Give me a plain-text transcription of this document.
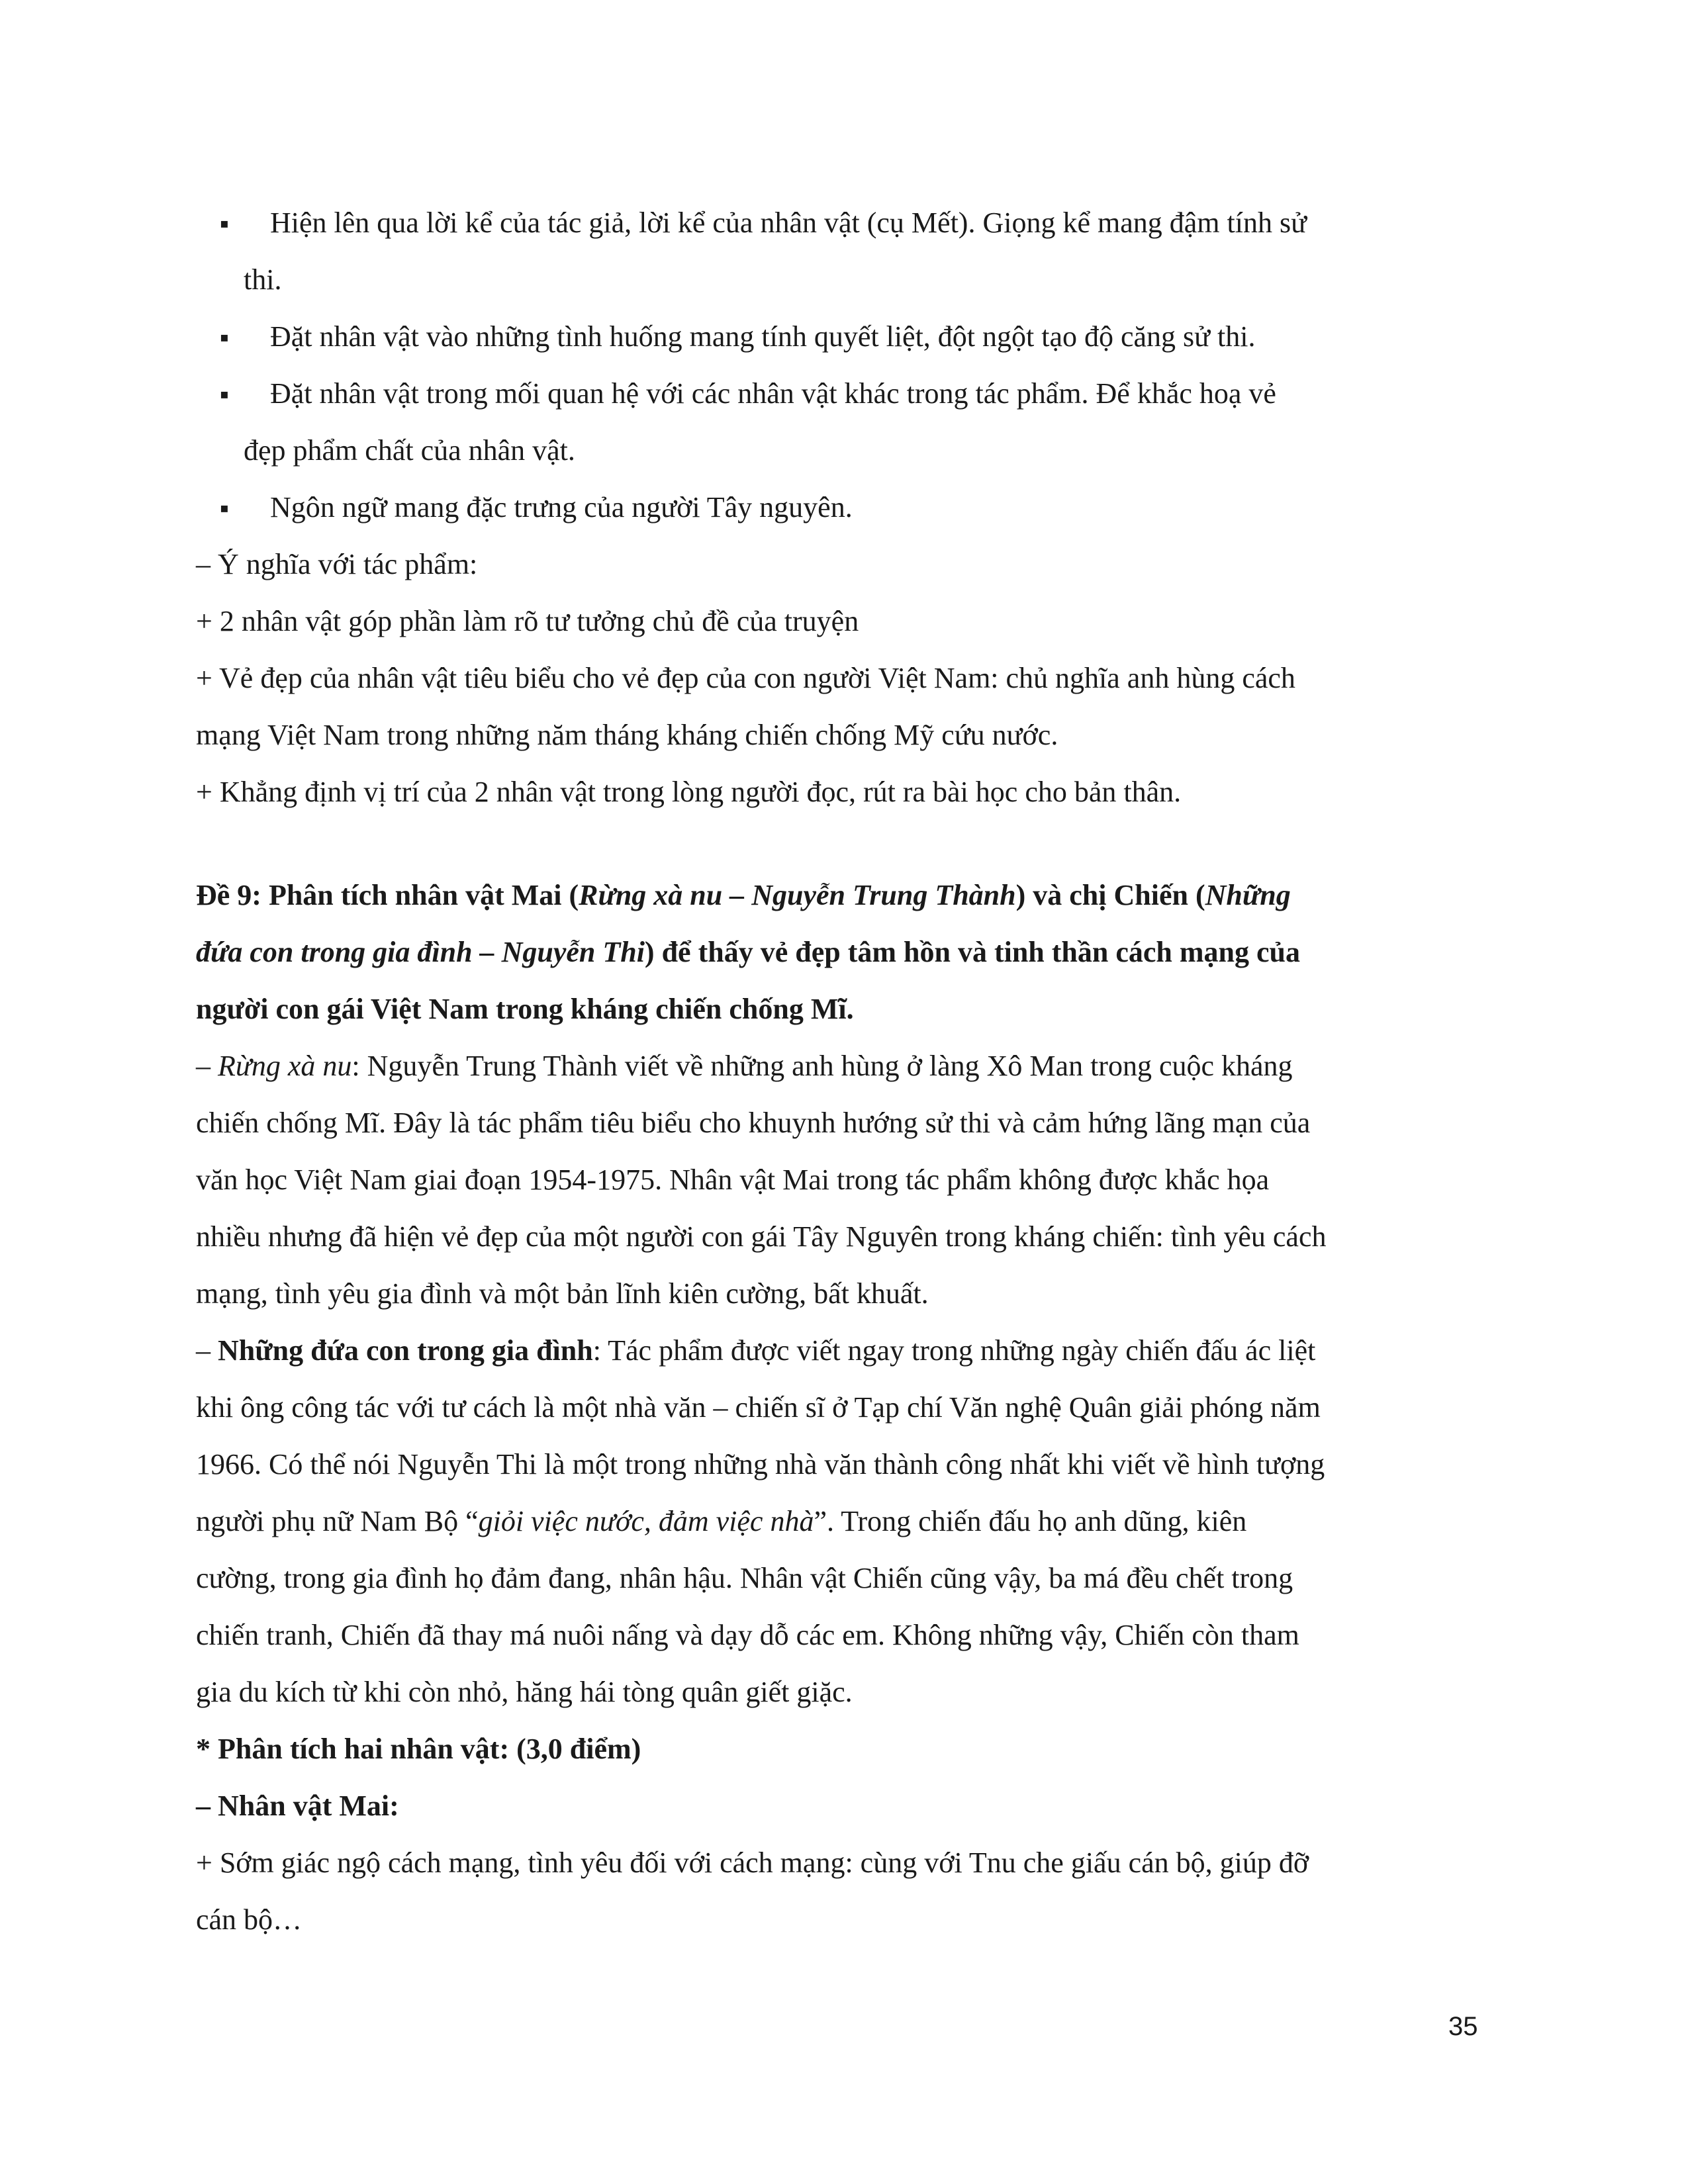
▪	Hiện lên qua lời kể của tác giả, lời kể của nhân vật (cụ Mết). Giọng kể mang đậm tính sử
thi.
▪	Đặt nhân vật vào những tình huống mang tính quyết liệt, đột ngột tạo độ căng sử thi.
▪	Đặt nhân vật trong mối quan hệ với các nhân vật khác trong tác phẩm. Để khắc hoạ vẻ
đẹp phẩm chất của nhân vật.
▪	Ngôn ngữ mang đặc trưng của người Tây nguyên.
– Ý nghĩa với tác phẩm:
+ 2 nhân vật góp phần làm rõ tư tưởng chủ đề của truyện
+ Vẻ đẹp của nhân vật tiêu biểu cho vẻ đẹp của con người Việt Nam: chủ nghĩa anh hùng cách
mạng Việt Nam trong những năm tháng kháng chiến chống Mỹ cứu nước.
+ Khẳng định vị trí của 2 nhân vật trong lòng người đọc, rút ra bài học cho bản thân.
Đề 9: Phân tích nhân vật Mai (Rừng xà nu – Nguyễn Trung Thành) và chị Chiến (Những
đứa con trong gia đình – Nguyễn Thi) để thấy vẻ đẹp tâm hồn và tinh thần cách mạng của
người con gái Việt Nam trong kháng chiến chống Mĩ.
– Rừng xà nu: Nguyễn Trung Thành viết về những anh hùng ở làng Xô Man trong cuộc kháng
chiến chống Mĩ. Đây là tác phẩm tiêu biểu cho khuynh hướng sử thi và cảm hứng lãng mạn của
văn học Việt Nam giai đoạn 1954-1975. Nhân vật Mai trong tác phẩm không được khắc họa
nhiều nhưng đã hiện vẻ đẹp của một người con gái Tây Nguyên trong kháng chiến: tình yêu cách
mạng, tình yêu gia đình và một bản lĩnh kiên cường, bất khuất.
– Những đứa con trong gia đình: Tác phẩm được viết ngay trong những ngày chiến đấu ác liệt
khi ông công tác với tư cách là một nhà văn – chiến sĩ ở Tạp chí Văn nghệ Quân giải phóng năm
1966. Có thể nói Nguyễn Thi là một trong những nhà văn thành công nhất khi viết về hình tượng
người phụ nữ Nam Bộ “giỏi việc nước, đảm việc nhà”. Trong chiến đấu họ anh dũng, kiên
cường, trong gia đình họ đảm đang, nhân hậu. Nhân vật Chiến cũng vậy, ba má đều chết trong
chiến tranh, Chiến đã thay má nuôi nấng và dạy dỗ các em. Không những vậy, Chiến còn tham
gia du kích từ khi còn nhỏ, hăng hái tòng quân giết giặc.
* Phân tích hai nhân vật: (3,0 điểm)
– Nhân vật Mai:
+ Sớm giác ngộ cách mạng, tình yêu đối với cách mạng: cùng với Tnu che giấu cán bộ, giúp đỡ
cán bộ…
35
